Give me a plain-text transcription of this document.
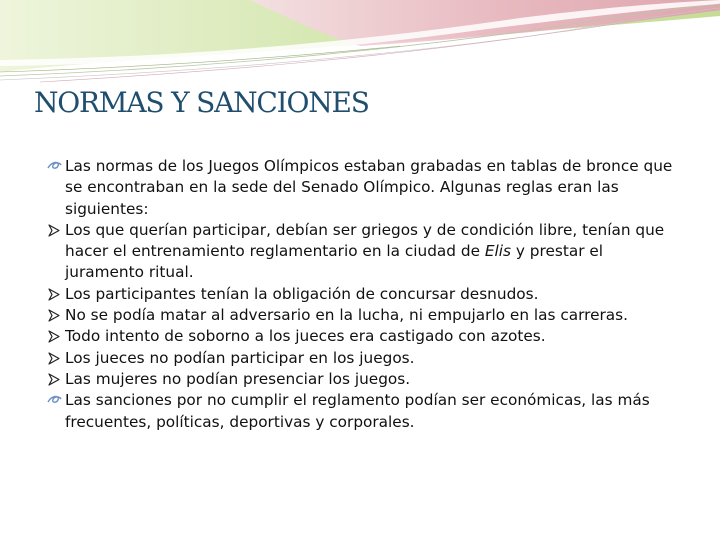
NORMAS Y SANCIONES
Las normas de los Juegos Olímpicos estaban grabadas en tablas de bronce que se encontraban en la sede del Senado Olímpico. Algunas reglas eran las siguientes:
Los que querían participar, debían ser griegos y de condición libre, tenían que hacer el entrenamiento reglamentario en la ciudad de Elis y prestar el juramento ritual.
Los participantes tenían la obligación de concursar desnudos.
No se podía matar al adversario en la lucha, ni empujarlo en las carreras.
Todo intento de soborno a los jueces era castigado con azotes.
Los jueces no podían participar en los juegos.
Las mujeres no podían presenciar los juegos.
Las sanciones por no cumplir el reglamento podían ser económicas, las más frecuentes, políticas, deportivas y corporales.
